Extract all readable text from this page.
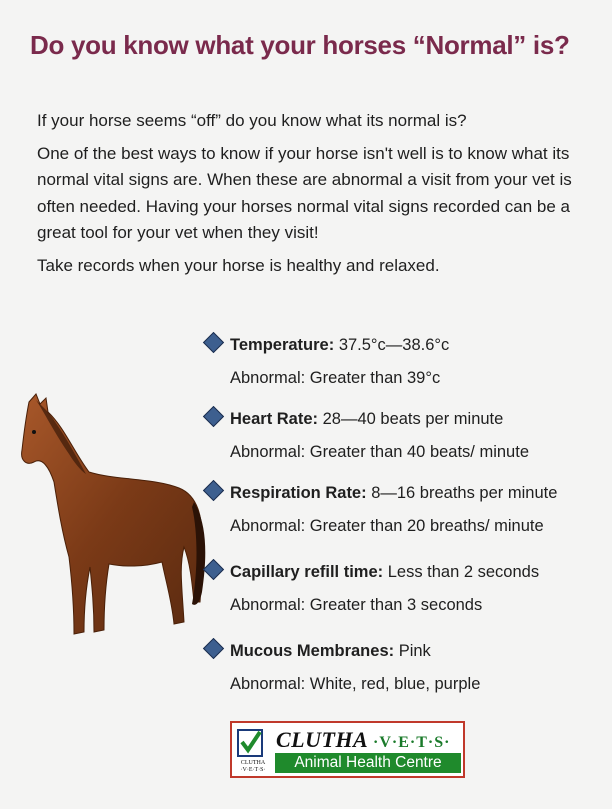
Do you know what your horses “Normal” is?

If your horse seems “off” do you know what its normal is?

One of the best ways to know if your horse isn't well is to know what its normal vital signs are. When these are abnormal a visit from your vet is often needed. Having your horses normal vital signs recorded can be a great tool for your vet when they visit!

Take records when your horse is healthy and relaxed.

Temperature: 37.5°c—38.6°c
Abnormal: Greater than 39°c
Heart Rate: 28—40 beats per minute
Abnormal: Greater than 40 beats/ minute
Respiration Rate: 8—16 breaths per minute
Abnormal: Greater than 20 breaths/ minute
Capillary refill time: Less than 2 seconds
Abnormal: Greater than 3 seconds
Mucous Membranes: Pink
Abnormal: White, red, blue, purple
CLUTHA
·V·E·T·S·
CLUTHA ·V·E·T·S·
Animal Health Centre
